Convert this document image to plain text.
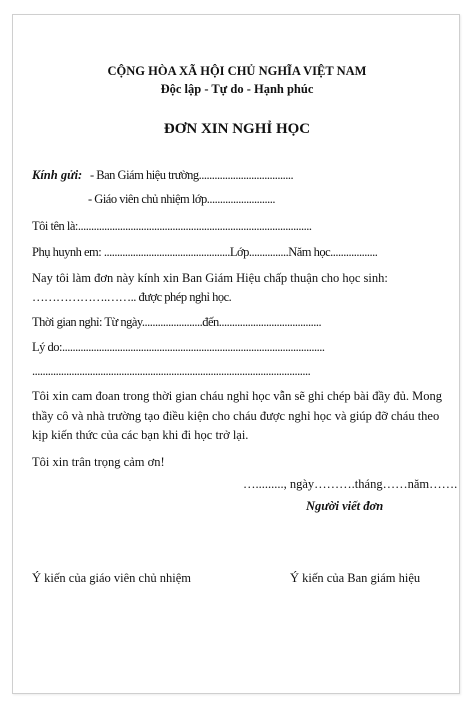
CỘNG HÒA XÃ HỘI CHỦ NGHĨA VIỆT NAM
Độc lập - Tự do - Hạnh phúc
ĐƠN XIN NGHỈ HỌC
Kính gửi: - Ban Giám hiệu trường....................................
- Giáo viên chủ nhiệm lớp..........................
Tôi tên là:.........................................................................................
Phụ huynh em: ................................................Lớp...............Năm học..................
Nay tôi làm đơn này kính xin Ban Giám Hiệu chấp thuận cho học sinh:
……………….…….. được phép nghỉ học.
Thời gian nghỉ: Từ ngày.......................đến.......................................
Lý do:....................................................................................................
..........................................................................................................
Tôi xin cam đoan trong thời gian cháu nghỉ học vẫn sẽ ghi chép bài đầy đủ. Mong
thầy cô và nhà trường tạo điều kiện cho cháu được nghỉ học và giúp đỡ cháu theo
kịp kiến thức của các bạn khi đi học trở lại.
Tôi xin trân trọng cảm ơn!
…........., ngày……….tháng……năm…….
Người viết đơn
Ý kiến của giáo viên chủ nhiệm	Ý kiến của Ban giám hiệu
